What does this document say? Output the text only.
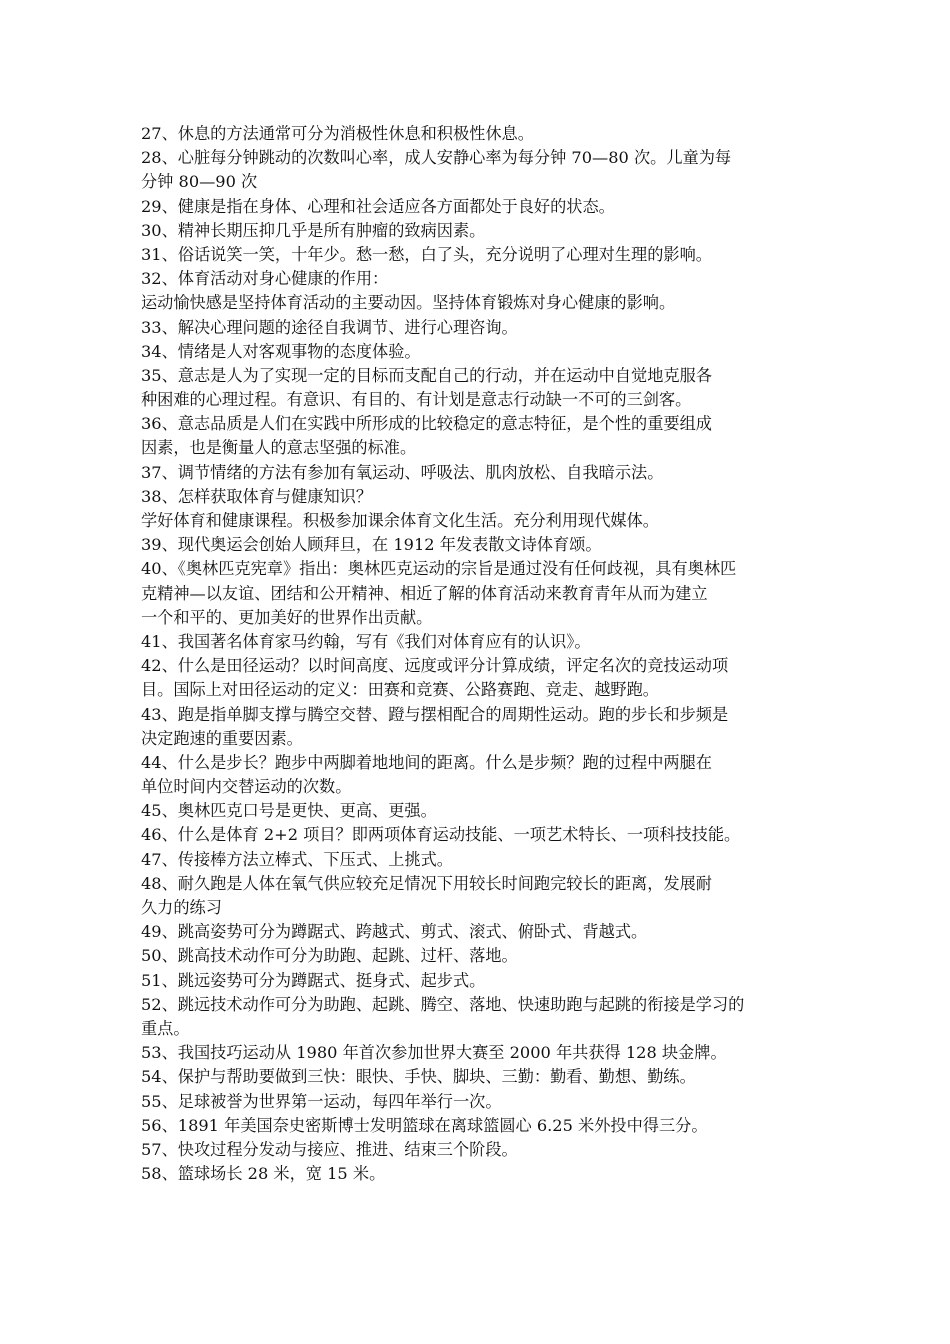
27、休息的方法通常可分为消极性休息和积极性休息。
28、心脏每分钟跳动的次数叫心率，成人安静心率为每分钟 70—80 次。儿童为每
分钟 80—90 次
29、健康是指在身体、心理和社会适应各方面都处于良好的状态。
30、精神长期压抑几乎是所有肿瘤的致病因素。
31、俗话说笑一笑，十年少。愁一愁，白了头，充分说明了心理对生理的影响。
32、体育活动对身心健康的作用：
运动愉快感是坚持体育活动的主要动因。坚持体育锻炼对身心健康的影响。
33、解决心理问题的途径自我调节、进行心理咨询。
34、情绪是人对客观事物的态度体验。
35、意志是人为了实现一定的目标而支配自己的行动，并在运动中自觉地克服各
种困难的心理过程。有意识、有目的、有计划是意志行动缺一不可的三剑客。
36、意志品质是人们在实践中所形成的比较稳定的意志特征，是个性的重要组成
因素，也是衡量人的意志坚强的标准。
37、调节情绪的方法有参加有氧运动、呼吸法、肌肉放松、自我暗示法。
38、怎样获取体育与健康知识？
学好体育和健康课程。积极参加课余体育文化生活。充分利用现代媒体。
39、现代奥运会创始人顾拜旦，在 1912 年发表散文诗体育颂。
40、《奥林匹克宪章》指出：奥林匹克运动的宗旨是通过没有任何歧视，具有奥林匹
克精神—以友谊、团结和公开精神、相近了解的体育活动来教育青年从而为建立
一个和平的、更加美好的世界作出贡献。
41、我国著名体育家马约翰，写有《我们对体育应有的认识》。
42、什么是田径运动？以时间高度、远度或评分计算成绩，评定名次的竞技运动项
目。国际上对田径运动的定义：田赛和竞赛、公路赛跑、竞走、越野跑。
43、跑是指单脚支撑与腾空交替、蹬与摆相配合的周期性运动。跑的步长和步频是
决定跑速的重要因素。
44、什么是步长？跑步中两脚着地地间的距离。什么是步频？跑的过程中两腿在
单位时间内交替运动的次数。
45、奥林匹克口号是更快、更高、更强。
46、什么是体育 2+2 项目？即两项体育运动技能、一项艺术特长、一项科技技能。
47、传接棒方法立棒式、下压式、上挑式。
48、耐久跑是人体在氧气供应较充足情况下用较长时间跑完较长的距离，发展耐
久力的练习
49、跳高姿势可分为蹲踞式、跨越式、剪式、滚式、俯卧式、背越式。
50、跳高技术动作可分为助跑、起跳、过杆、落地。
51、跳远姿势可分为蹲踞式、挺身式、起步式。
52、跳远技术动作可分为助跑、起跳、腾空、落地、快速助跑与起跳的衔接是学习的
重点。
53、我国技巧运动从 1980 年首次参加世界大赛至 2000 年共获得 128 块金牌。
54、保护与帮助要做到三快：眼快、手快、脚块、三勤：勤看、勤想、勤练。
55、足球被誉为世界第一运动，每四年举行一次。
56、1891 年美国奈史密斯博士发明篮球在离球篮圆心 6.25 米外投中得三分。
57、快攻过程分发动与接应、推进、结束三个阶段。
58、篮球场长 28 米，宽 15 米。
